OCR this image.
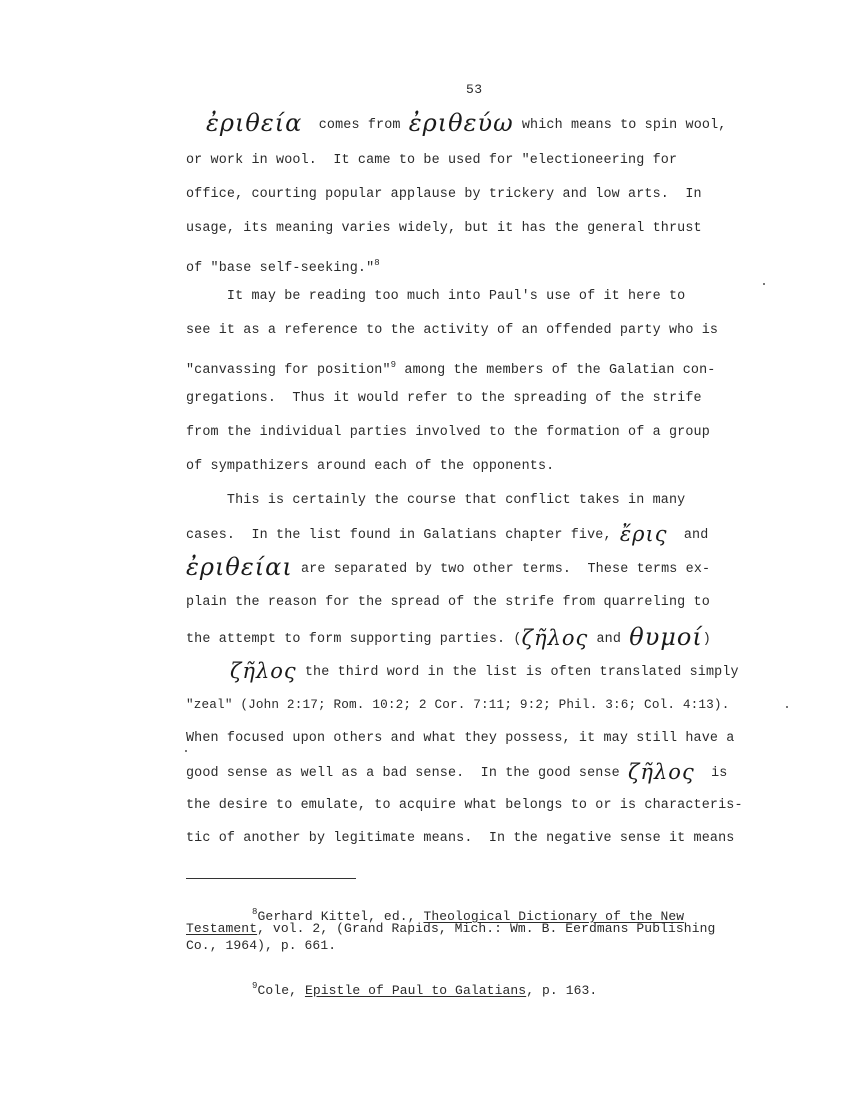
53
ἐριθεία comes from ἐριθεύω which means to spin wool,
or work in wool.  It came to be used for "electioneering for
office, courting popular applause by trickery and low arts.  In
usage, its meaning varies widely, but it has the general thrust
of "base self-seeking."$^8$
It may be reading too much into Paul's use of it here to
see it as a reference to the activity of an offended party who is
"canvassing for position"$^9$ among the members of the Galatian con-
gregations.  Thus it would refer to the spreading of the strife
from the individual parties involved to the formation of a group
of sympathizers around each of the opponents.
This is certainly the course that conflict takes in many
cases.  In the list found in Galatians chapter five, ἔρις  and
ἐριθείαι are separated by two other terms.  These terms ex-
plain the reason for the spread of the strife from quarreling to
the attempt to form supporting parties. (ζῆλος and θυμοί)
ζῆλος the third word in the list is often translated simply
"zeal" (John 2:17; Rom. 10:2; 2 Cor. 7:11; 9:2; Phil. 3:6; Col. 4:13).
When focused upon others and what they possess, it may still have a
good sense as well as a bad sense.  In the good sense ζῆλος  is
the desire to emulate, to acquire what belongs to or is characteris-
tic of another by legitimate means.  In the negative sense it means
$^8$Gerhard Kittel, ed., Theological Dictionary of the New
Testament, vol. 2, (Grand Rapids, Mich.: Wm. B. Eerdmans Publishing
Co., 1964), p. 661.
$^9$Cole, Epistle of Paul to Galatians, p. 163.
